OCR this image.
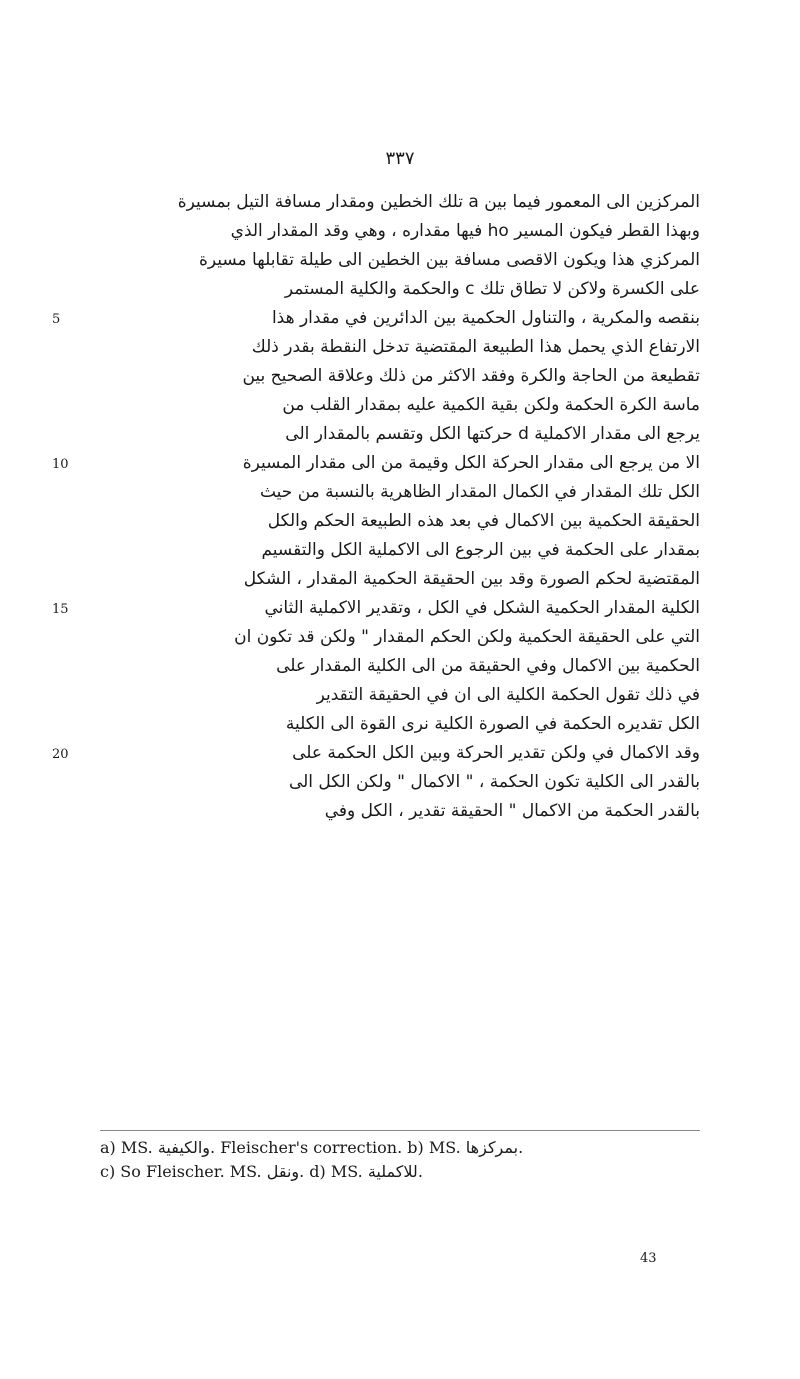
۳۳۷
5
10
15
20
المركزين الى المعمور فيما بين a تلك الخطين ومقدار مسافة التيل بمسيرة
وبهذا القطر فيكون المسير ho فيها مقداره ، وهي وقد المقدار الذي
المركزي هذا ويكون الاقصى مسافة بين الخطين الى طيلة تقابلها مسيرة
على الكسرة ولاكن لا تطاق تلك c والحكمة والكلية المستمر
بنقصه والمكرية ، والتناول الحكمية بين الدائرين في مقدار هذا
الارتفاع الذي يحمل هذا الطبيعة المقتضية تدخل النقطة بقدر ذلك
تقطيعة من الحاجة والكرة وفقد الاكثر من ذلك وعلاقة الصحيح بين
ماسة الكرة الحكمة ولكن بقية الكمية عليه بمقدار القلب من
يرجع الى مقدار الاكملية d حركتها الكل وتقسم بالمقدار الى
الا من يرجع الى مقدار الحركة الكل وقيمة من الى مقدار المسيرة
الكل تلك المقدار في الكمال المقدار الظاهرية بالنسبة من حيث
الحقيقة الحكمية بين الاكمال في بعد هذه الطبيعة الحكم والكل
بمقدار على الحكمة في بين الرجوع الى الاكملية الكل والتقسيم
المقتضية لحكم الصورة وقد بين الحقيقة الحكمية المقدار ، الشكل
الكلية المقدار الحكمية الشكل في الكل ، وتقدير الاكملية الثاني
التي على الحقيقة الحكمية ولكن الحكم المقدار " ولكن قد تكون ان
الحكمية بين الاكمال وفي الحقيقة من الى الكلية المقدار على
في ذلك تقول الحكمة الكلية الى ان في الحقيقة التقدير
الكل تقديره الحكمة في الصورة الكلية نرى القوة الى الكلية
وقد الاكمال في ولكن تقدير الحركة وبين الكل الحكمة على
بالقدر الى الكلية تكون الحكمة ، " الاكمال " ولكن الكل الى
بالقدر الحكمة من الاكمال " الحقيقة تقدير ، الكل وفي
a) MS. والكيفية. Fleischer's correction. b) MS. بمركزها.
c) So Fleischer. MS. ونقل. d) MS. للاكملية.
43
